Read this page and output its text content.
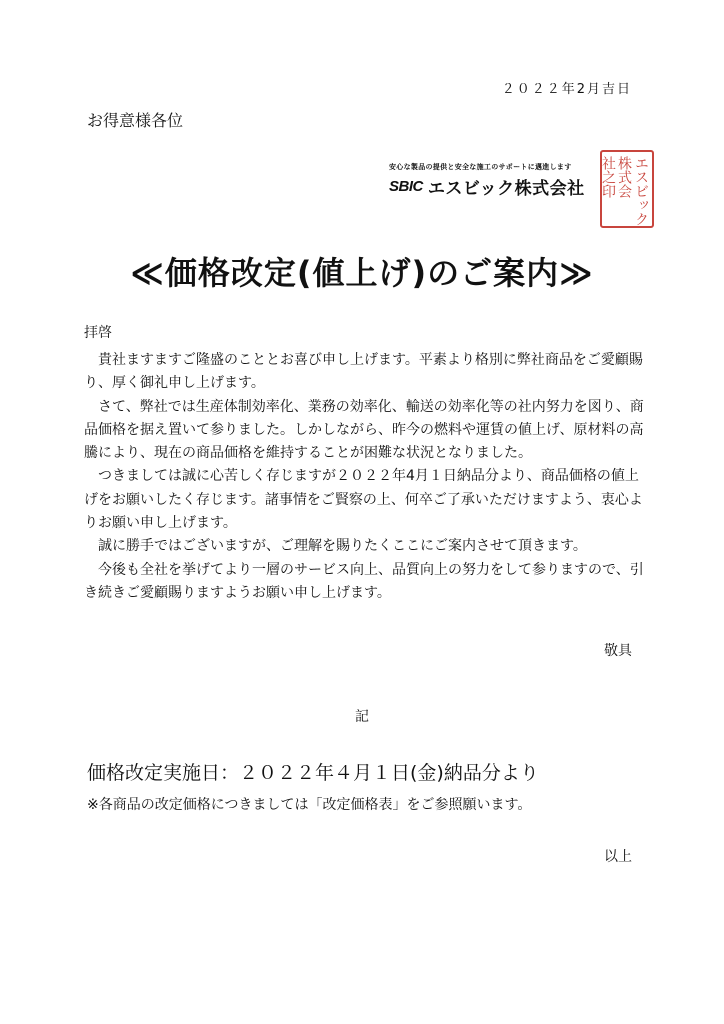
２０２２年2月吉日
お得意様各位
安心な製品の提供と安全な施工のサポートに邁進します
SBIC エスビック株式会社	エスビック
株式会
社之印
≪価格改定(値上げ)のご案内≫
拝啓

貴社ますますご隆盛のこととお喜び申し上げます。平素より格別に弊社商品をご愛顧賜り、厚く御礼申し上げます。

さて、弊社では生産体制効率化、業務の効率化、輸送の効率化等の社内努力を図り、商品価格を据え置いて参りました。しかしながら、昨今の燃料や運賃の値上げ、原材料の高騰により、現在の商品価格を維持することが困難な状況となりました。

つきましては誠に心苦しく存じますが２０２２年4月１日納品分より、商品価格の値上げをお願いしたく存じます。諸事情をご賢察の上、何卒ご了承いただけますよう、衷心よりお願い申し上げます。

誠に勝手ではございますが、ご理解を賜りたくここにご案内させて頂きます。

今後も全社を挙げてより一層のサービス向上、品質向上の努力をして参りますので、引き続きご愛顧賜りますようお願い申し上げます。

敬具
記
価格改定実施日：２０２２年４月１日(金)納品分より
※各商品の改定価格につきましては「改定価格表」をご参照願います。
以上
